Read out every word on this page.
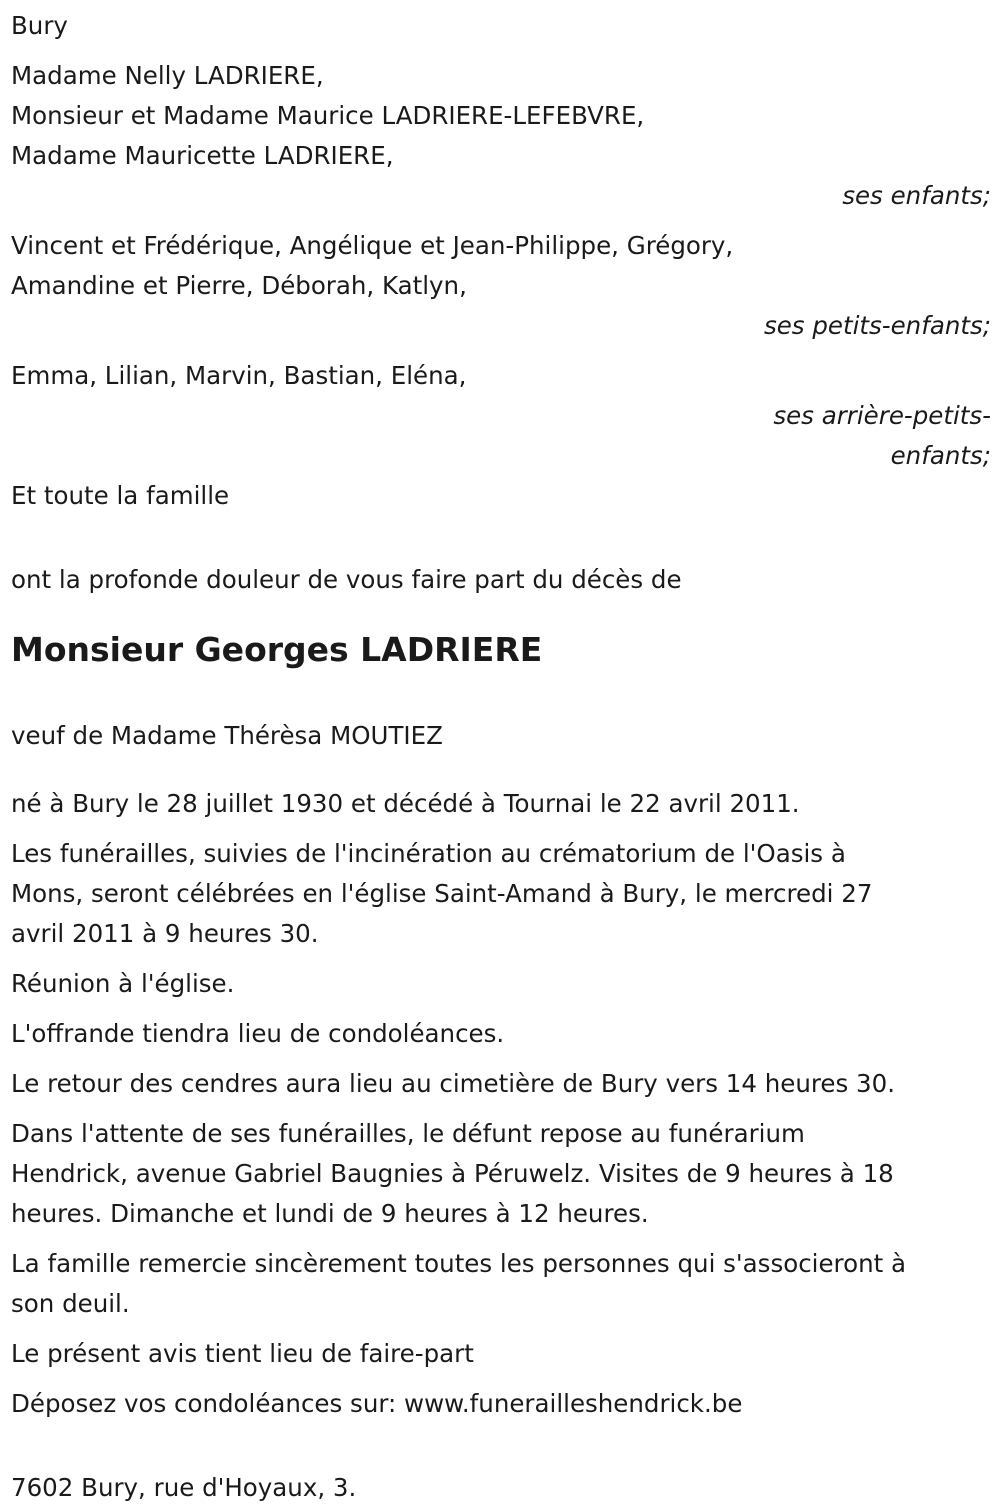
Bury
Madame Nelly LADRIERE,
Monsieur et Madame Maurice LADRIERE-LEFEBVRE,
Madame Mauricette LADRIERE,
ses enfants;
Vincent et Frédérique, Angélique et Jean-Philippe, Grégory,
Amandine et Pierre, Déborah, Katlyn,
ses petits-enfants;
Emma, Lilian, Marvin, Bastian, Eléna,
ses arrière-petits-
enfants;
Et toute la famille
ont la profonde douleur de vous faire part du décès de
Monsieur Georges LADRIERE
veuf de Madame Thérèsa MOUTIEZ
né à Bury le 28 juillet 1930 et décédé à Tournai le 22 avril 2011.
Les funérailles, suivies de l'incinération au crématorium de l'Oasis à
Mons, seront célébrées en l'église Saint-Amand à Bury, le mercredi 27
avril 2011 à 9 heures 30.
Réunion à l'église.
L'offrande tiendra lieu de condoléances.
Le retour des cendres aura lieu au cimetière de Bury vers 14 heures 30.
Dans l'attente de ses funérailles, le défunt repose au funérarium
Hendrick, avenue Gabriel Baugnies à Péruwelz. Visites de 9 heures à 18
heures. Dimanche et lundi de 9 heures à 12 heures.
La famille remercie sincèrement toutes les personnes qui s'associeront à
son deuil.
Le présent avis tient lieu de faire-part
Déposez vos condoléances sur: www.funerailleshendrick.be
7602 Bury, rue d'Hoyaux, 3.
